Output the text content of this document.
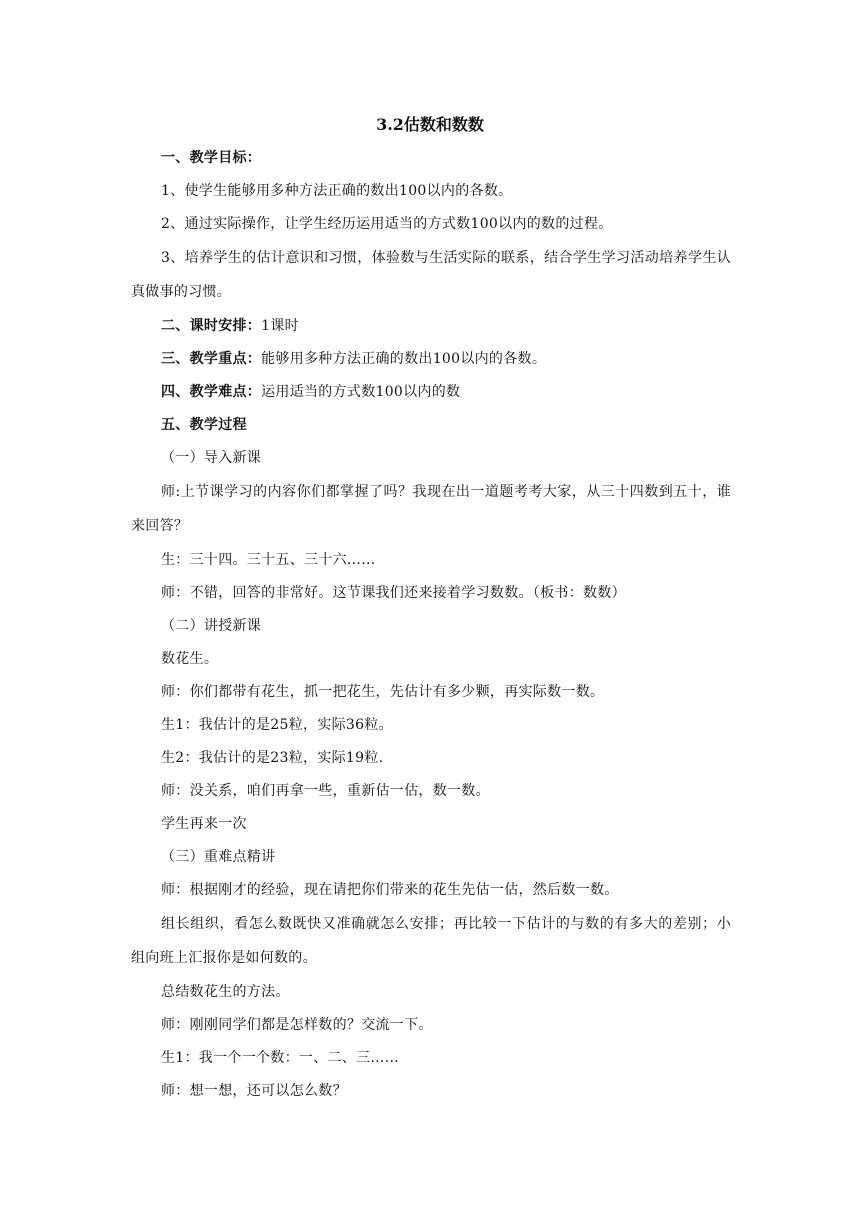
3.2估数和数数

一、教学目标：

1、使学生能够用多种方法正确的数出100以内的各数。

2、通过实际操作，让学生经历运用适当的方式数100以内的数的过程。

3、培养学生的估计意识和习惯，体验数与生活实际的联系，结合学生学习活动培养学生认真做事的习惯。

二、课时安排：1课时

三、教学重点：能够用多种方法正确的数出100以内的各数。

四、教学难点：运用适当的方式数100以内的数

五、教学过程

（一）导入新课

师:上节课学习的内容你们都掌握了吗？我现在出一道题考考大家，从三十四数到五十，谁来回答？

生：三十四。三十五、三十六……

师：不错，回答的非常好。这节课我们还来接着学习数数。（板书：数数）

（二）讲授新课

数花生。

师：你们都带有花生，抓一把花生，先估计有多少颗，再实际数一数。

生1：我估计的是25粒，实际36粒。

生2：我估计的是23粒，实际19粒.

师：没关系，咱们再拿一些，重新估一估，数一数。

学生再来一次

（三）重难点精讲

师：根据刚才的经验，现在请把你们带来的花生先估一估，然后数一数。

组长组织，看怎么数既快又准确就怎么安排；再比较一下估计的与数的有多大的差别；小组向班上汇报你是如何数的。

总结数花生的方法。

师：刚刚同学们都是怎样数的？交流一下。

生1：我一个一个数：一、二、三……

师：想一想，还可以怎么数？
